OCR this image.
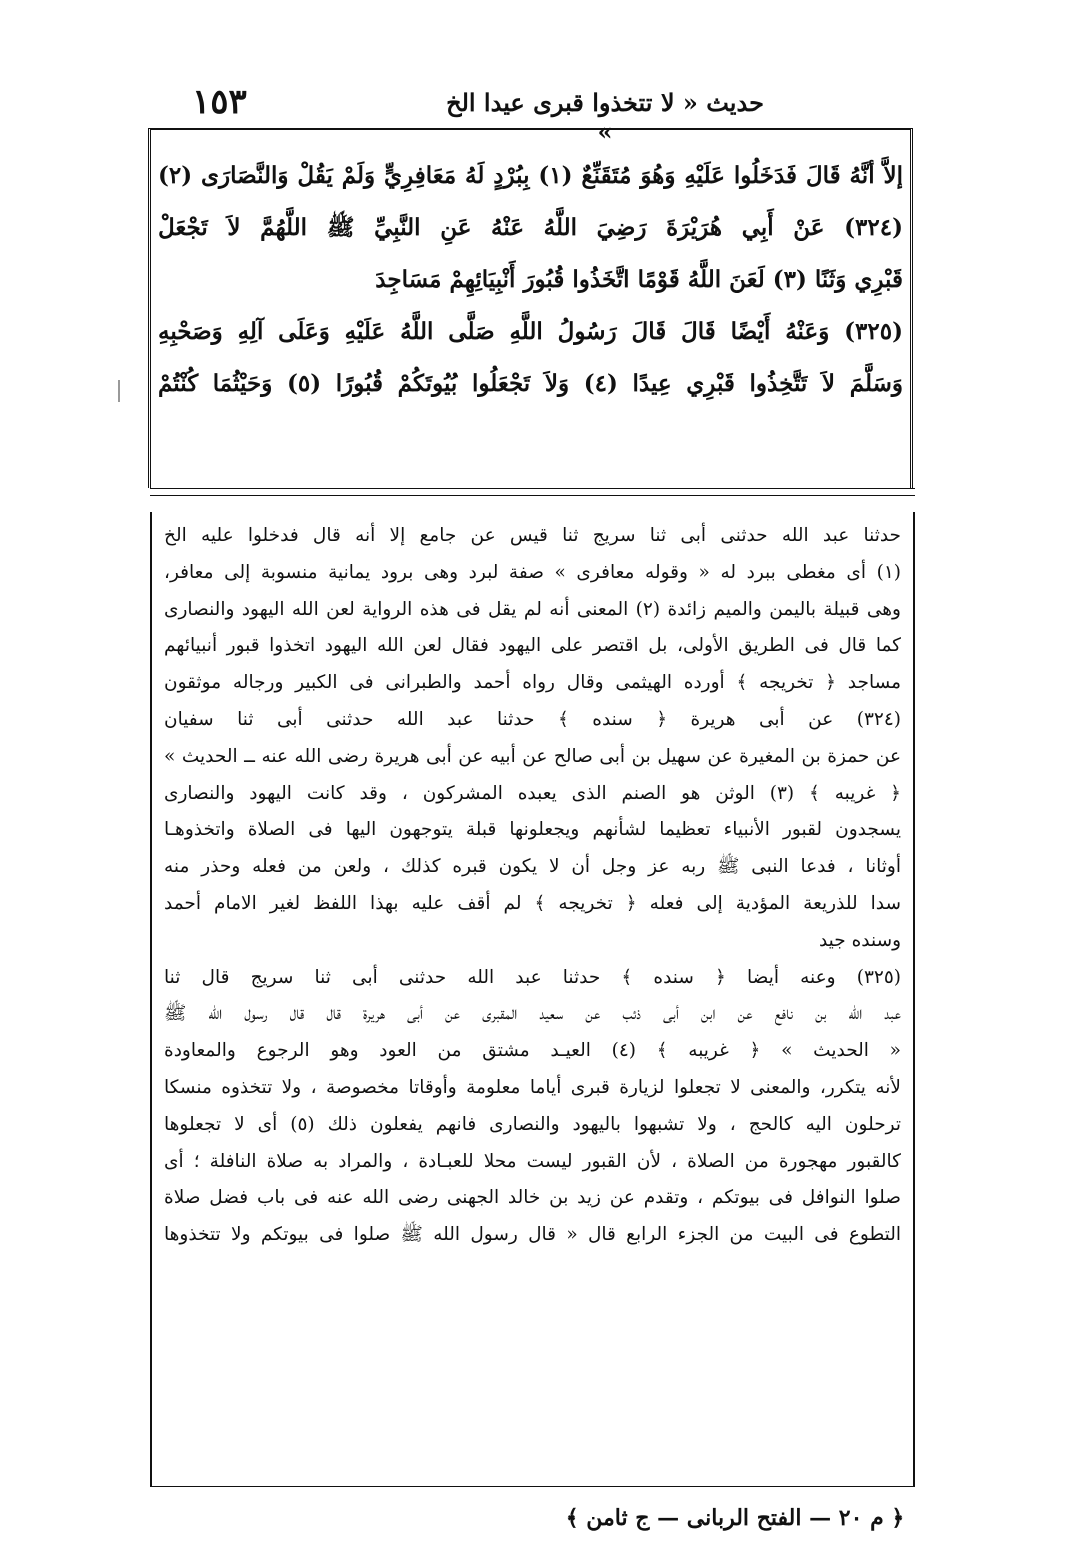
١٥٣	حديث « لا تتخذوا قبرى عيدا الخ »
إلاَّ أنَّهُ قَالَ فَدَخَلُوا عَلَيْهِ وَهُوَ مُتَقَنِّعٌ (١) بِبُرْدٍ لَهُ مَعَافِرِيٍّ وَلَمْ يَقُلْ وَالنَّصَارَى (٢)
(٣٢٤) عَنْ أَبِي هُرَيْرَةَ رَضِيَ اللَّهُ عَنْهُ عَنِ النَّبِيِّ ﷺ اللَّهُمَّ لاَ تَجْعَلْ
قَبْرِي وَثَنًا (٣) لَعَنَ اللَّهُ قَوْمًا اتَّخَذُوا قُبُورَ أَنْبِيَائِهِمْ مَسَاجِدَ
(٣٢٥) وَعَنْهُ أَيْضًا قَالَ قَالَ رَسُولُ اللَّهِ صَلَّى اللَّهُ عَلَيْهِ وَعَلَى آلِهِ وَصَحْبِهِ
وَسَلَّمَ لاَ تَتَّخِذُوا قَبْرِي عِيدًا (٤) وَلاَ تَجْعَلُوا بُيُوتَكُمْ قُبُورًا (٥) وَحَيْثُمَا كُنْتُمْ
حدثنا عبد الله حدثنى أبى ثنا سريج ثنا قيس عن جامع إلا أنه قال فدخلوا عليه الخ
(١) أى مغطى ببرد له « وقوله معافرى » صفة لبرد وهى برود يمانية منسوبة إلى معافر،
وهى قبيلة باليمن والميم زائدة (٢) المعنى أنه لم يقل فى هذه الرواية لعن الله اليهود والنصارى
كما قال فى الطريق الأولى، بل اقتصر على اليهود فقال لعن الله اليهود اتخذوا قبور أنبيائهم
مساجد ﴿ تخريجه ﴾ أورده الهيثمى وقال رواه أحمد والطبرانى فى الكبير ورجاله موثقون
(٣٢٤) عن أبى هريرة ﴿ سنده ﴾ حدثنا عبد الله حدثنى أبى ثنا سفيان
عن حمزة بن المغيرة عن سهيل بن أبى صالح عن أبيه عن أبى هريرة رضى الله عنه ــ الحديث »
﴿ غريبه ﴾ (٣) الوثن هو الصنم الذى يعبده المشركون ، وقد كانت اليهود والنصارى
يسجدون لقبور الأنبياء تعظيما لشأنهم ويجعلونها قبلة يتوجهون اليها فى الصلاة واتخذوهـا
أوثانا ، فدعا النبى ﷺ ربه عز وجل أن لا يكون قبره كذلك ، ولعن من فعله وحذر منه
سدا للذريعة المؤدية إلى فعله ﴿ تخريجه ﴾ لم أقف عليه بهذا اللفظ لغير الامام أحمد
وسنده جيد
(٣٢٥) وعنه أيضا ﴿ سنده ﴾ حدثنا عبد الله حدثنى أبى ثنا سريج قال ثنا
عبد الله بن نافع عن ابن أبى ذئب عن سعيد المقبرى عن أبى هريرة قال قال رسول الله ﷺ
« الحديث » ﴿ غريبه ﴾ (٤) العيـد مشتق من العود وهو الرجوع والمعاودة
لأنه يتكرر، والمعنى لا تجعلوا لزيارة قبرى أياما معلومة وأوقاتا مخصوصة ، ولا تتخذوه منسكا
ترحلون اليه كالحج ، ولا تشبهوا باليهود والنصارى فانهم يفعلون ذلك (٥) أى لا تجعلوها
كالقبور مهجورة من الصلاة ، لأن القبور ليست محلا للعبـادة ، والمراد به صلاة النافلة ؛ أى
صلوا النوافل فى بيوتكم ، وتقدم عن زيد بن خالد الجهنى رضى الله عنه فى باب فضل صلاة
التطوع فى البيت من الجزء الرابع قال « قال رسول الله ﷺ صلوا فى بيوتكم ولا تتخذوها
﴿ م ٢٠ — الفتح الربانى — ج ثامن ﴾
